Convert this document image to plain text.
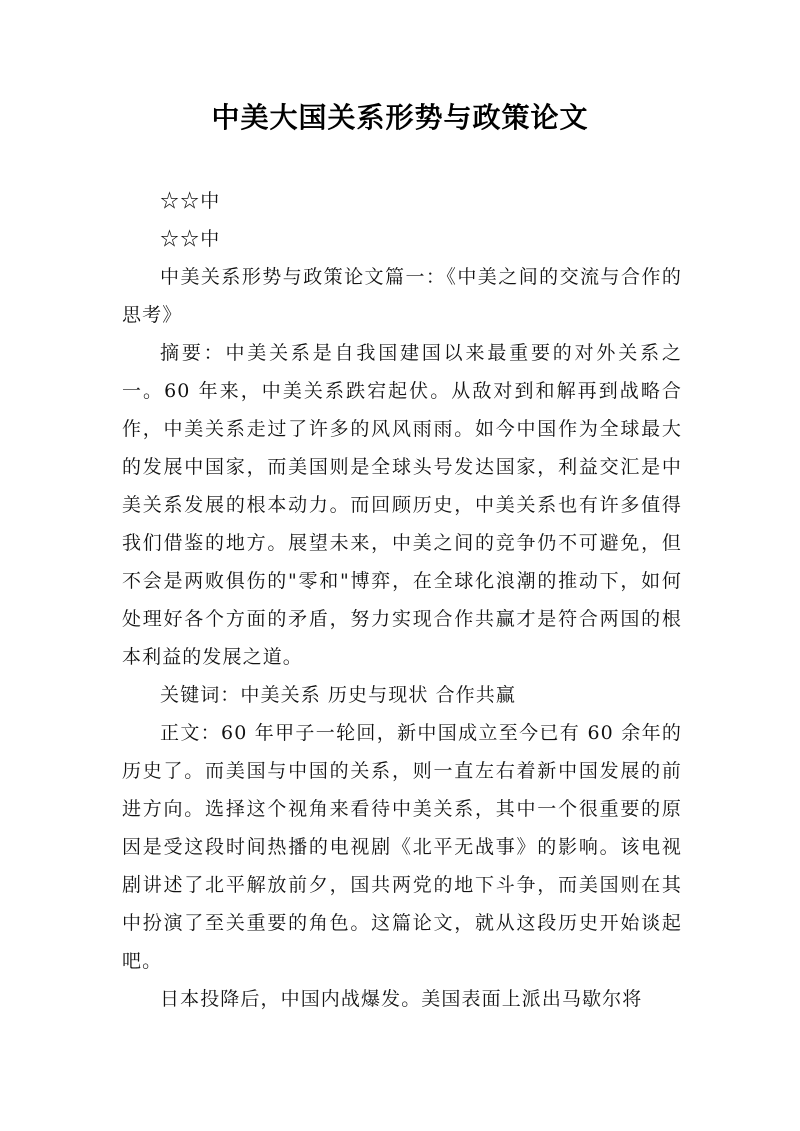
中美大国关系形势与政策论文

☆☆中

☆☆中

中美关系形势与政策论文篇一：《中美之间的交流与合作的思考》

摘要：中美关系是自我国建国以来最重要的对外关系之一。60 年来，中美关系跌宕起伏。从敌对到和解再到战略合作，中美关系走过了许多的风风雨雨。如今中国作为全球最大的发展中国家，而美国则是全球头号发达国家，利益交汇是中美关系发展的根本动力。而回顾历史，中美关系也有许多值得我们借鉴的地方。展望未来，中美之间的竞争仍不可避免，但不会是两败俱伤的"零和"博弈，在全球化浪潮的推动下，如何处理好各个方面的矛盾，努力实现合作共赢才是符合两国的根本利益的发展之道。

关键词：中美关系 历史与现状 合作共赢

正文：60 年甲子一轮回，新中国成立至今已有 60 余年的历史了。而美国与中国的关系，则一直左右着新中国发展的前进方向。选择这个视角来看待中美关系，其中一个很重要的原因是受这段时间热播的电视剧《北平无战事》的影响。该电视剧讲述了北平解放前夕，国共两党的地下斗争，而美国则在其中扮演了至关重要的角色。这篇论文，就从这段历史开始谈起吧。

日本投降后，中国内战爆发。美国表面上派出马歇尔将
